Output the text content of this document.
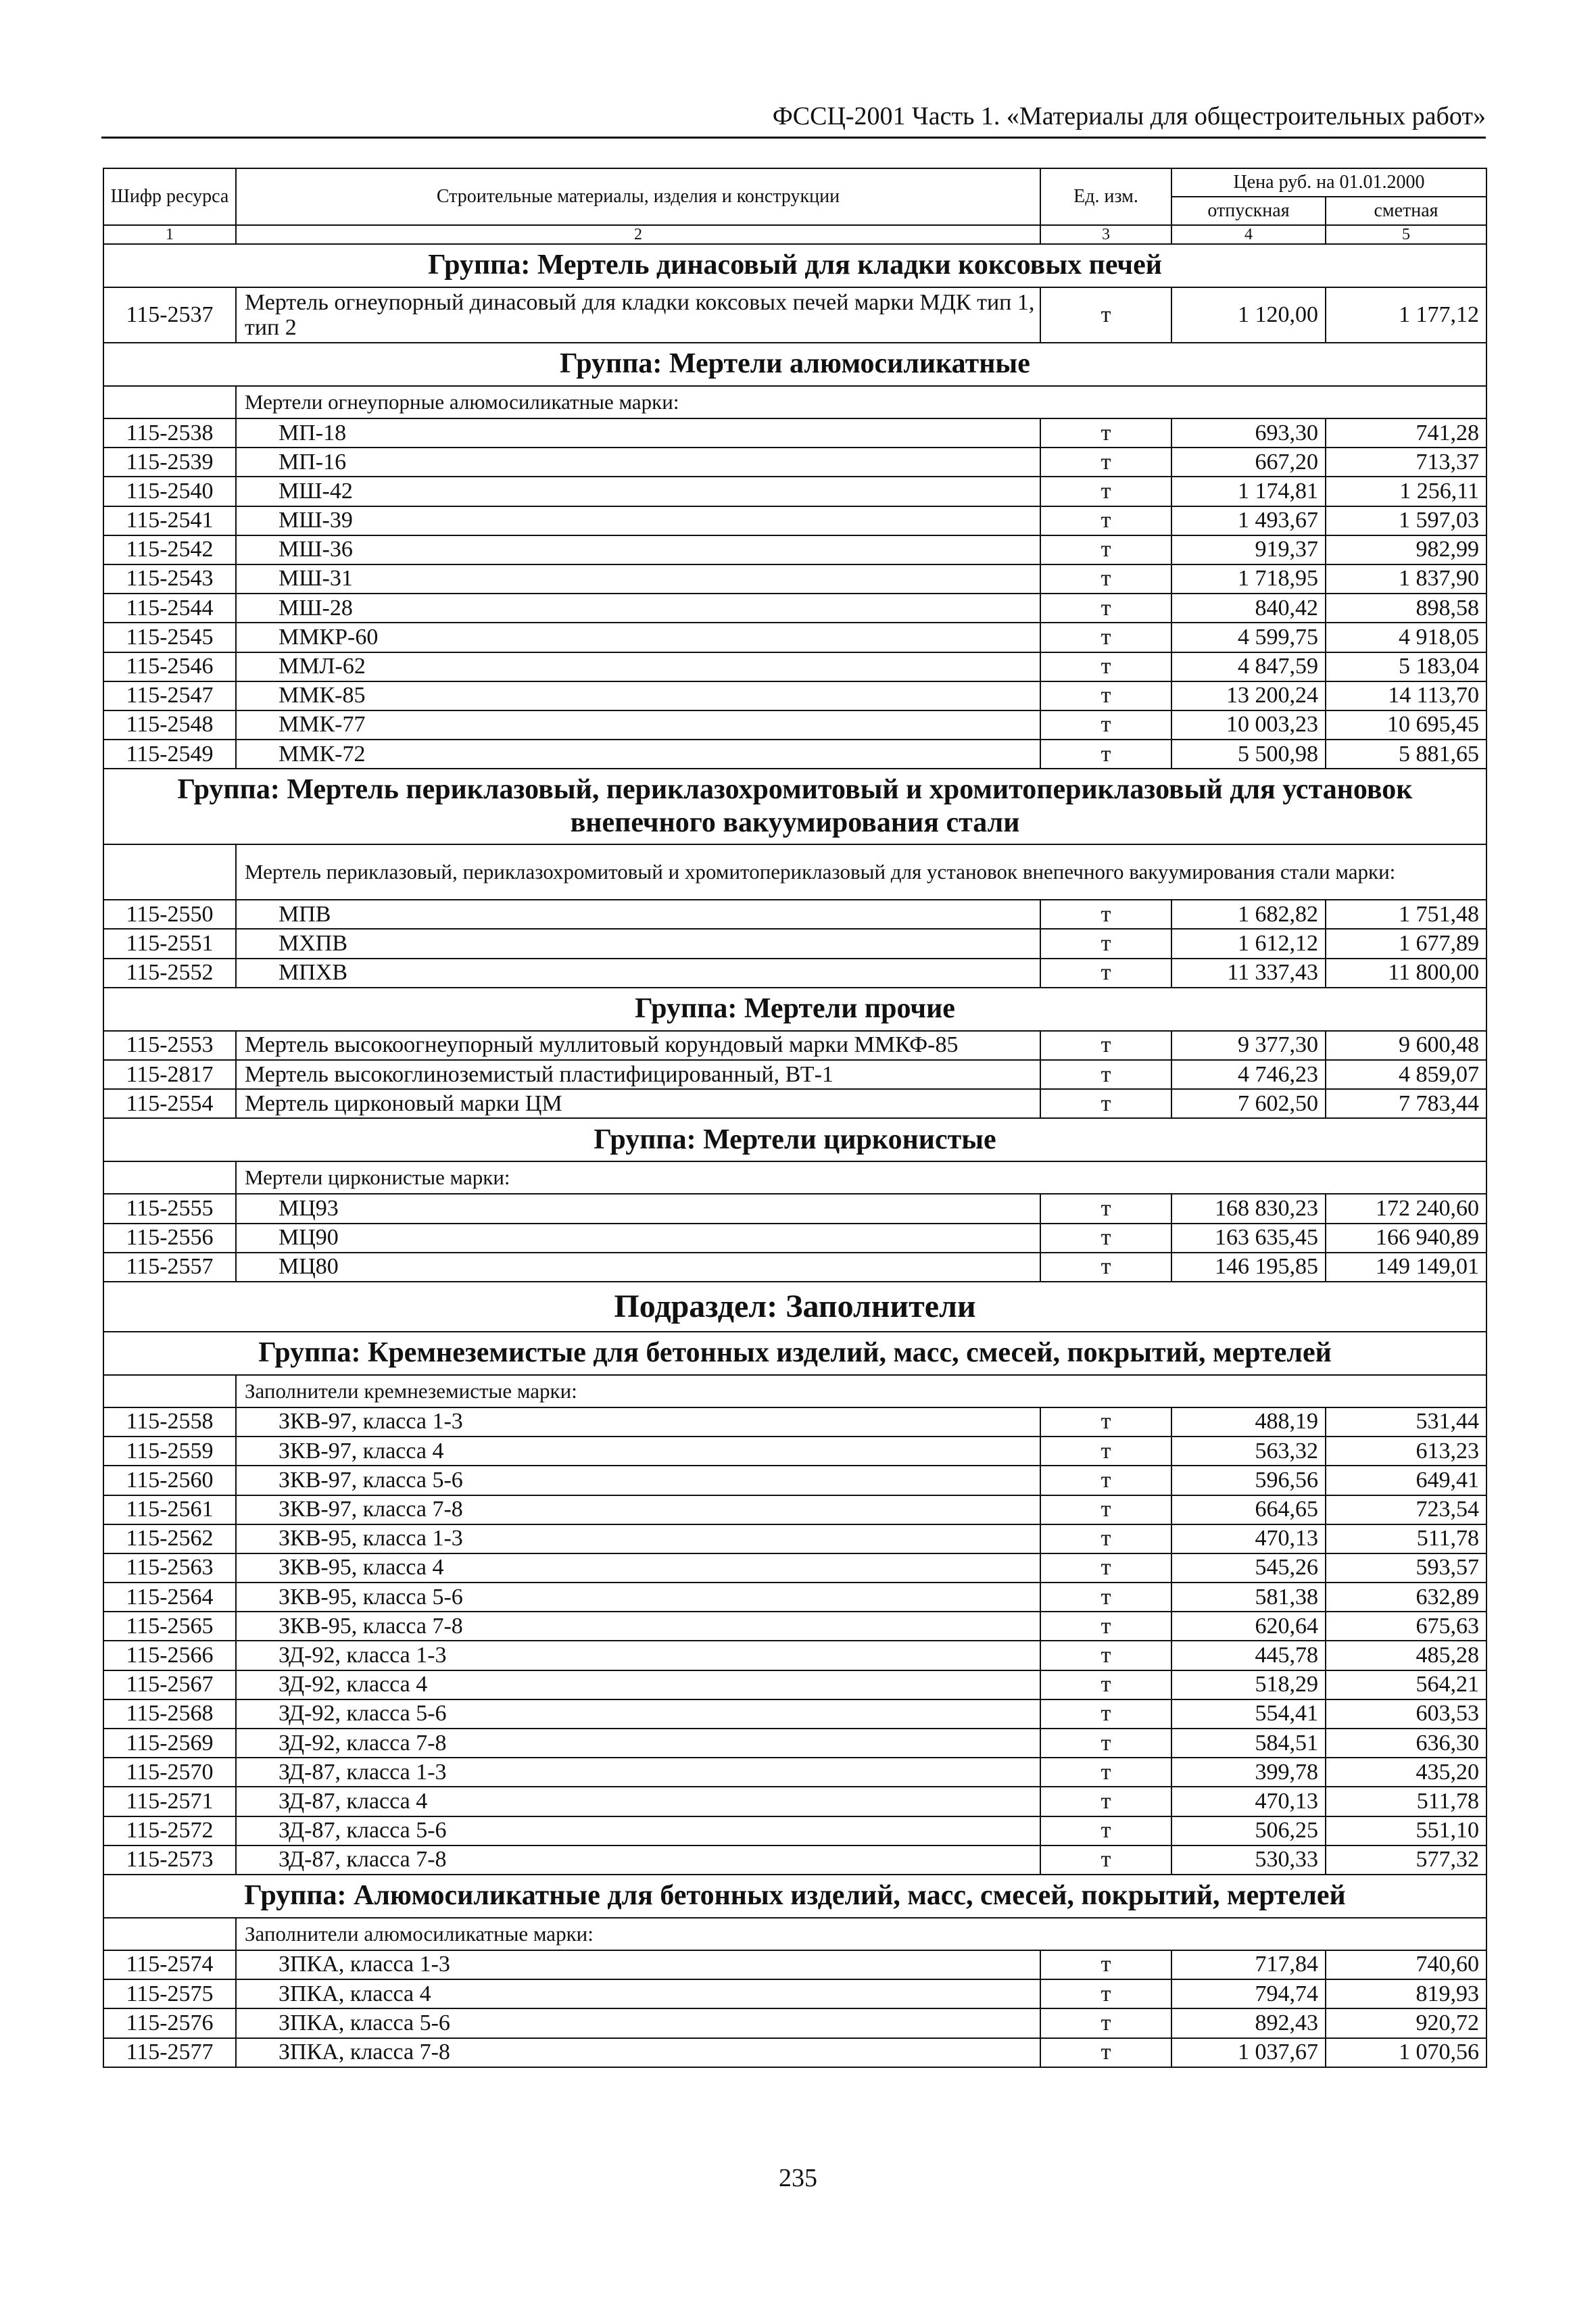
ФССЦ-2001 Часть 1. «Материалы для общестроительных работ»
Шифр ресурса	Строительные материалы, изделия и конструкции	Ед. изм.	Цена руб. на 01.01.2000	
			отпускная	сметная
1	2	3	4	5
Группа: Мертель динасовый для кладки коксовых печей				
115-2537	Мертель огнеупорный динасовый для кладки коксовых печей марки МДК тип 1, тип 2	т	1 120,00	1 177,12
Группа: Мертели алюмосиликатные				
	Мертели огнеупорные алюмосиликатные марки:			
115-2538	МП-18	т	693,30	741,28
115-2539	МП-16	т	667,20	713,37
115-2540	МШ-42	т	1 174,81	1 256,11
115-2541	МШ-39	т	1 493,67	1 597,03
115-2542	МШ-36	т	919,37	982,99
115-2543	МШ-31	т	1 718,95	1 837,90
115-2544	МШ-28	т	840,42	898,58
115-2545	ММКР-60	т	4 599,75	4 918,05
115-2546	ММЛ-62	т	4 847,59	5 183,04
115-2547	ММК-85	т	13 200,24	14 113,70
115-2548	ММК-77	т	10 003,23	10 695,45
115-2549	ММК-72	т	5 500,98	5 881,65
Группа: Мертель периклазовый, периклазохромитовый и хромитопериклазовый для установок внепечного вакуумирования стали				
	Мертель периклазовый, периклазохромитовый и хромитопериклазовый для установок внепечного вакуумирования стали марки:			
115-2550	МПВ	т	1 682,82	1 751,48
115-2551	МХПВ	т	1 612,12	1 677,89
115-2552	МПХВ	т	11 337,43	11 800,00
Группа: Мертели прочие				
115-2553	Мертель высокоогнеупорный муллитовый корундовый марки ММКФ-85	т	9 377,30	9 600,48
115-2817	Мертель высокоглиноземистый пластифицированный, ВТ-1	т	4 746,23	4 859,07
115-2554	Мертель цирконовый марки ЦМ	т	7 602,50	7 783,44
Группа: Мертели цирконистые				
	Мертели цирконистые марки:			
115-2555	МЦ93	т	168 830,23	172 240,60
115-2556	МЦ90	т	163 635,45	166 940,89
115-2557	МЦ80	т	146 195,85	149 149,01
Подраздел: Заполнители				
Группа: Кремнеземистые для бетонных изделий, масс, смесей, покрытий, мертелей				
	Заполнители кремнеземистые марки:			
115-2558	ЗКВ-97, класса 1-3	т	488,19	531,44
115-2559	ЗКВ-97, класса 4	т	563,32	613,23
115-2560	ЗКВ-97, класса 5-6	т	596,56	649,41
115-2561	ЗКВ-97, класса 7-8	т	664,65	723,54
115-2562	ЗКВ-95, класса 1-3	т	470,13	511,78
115-2563	ЗКВ-95, класса 4	т	545,26	593,57
115-2564	ЗКВ-95, класса 5-6	т	581,38	632,89
115-2565	ЗКВ-95, класса 7-8	т	620,64	675,63
115-2566	ЗД-92, класса 1-3	т	445,78	485,28
115-2567	ЗД-92, класса 4	т	518,29	564,21
115-2568	ЗД-92, класса 5-6	т	554,41	603,53
115-2569	ЗД-92, класса 7-8	т	584,51	636,30
115-2570	ЗД-87, класса 1-3	т	399,78	435,20
115-2571	ЗД-87, класса 4	т	470,13	511,78
115-2572	ЗД-87, класса 5-6	т	506,25	551,10
115-2573	ЗД-87, класса 7-8	т	530,33	577,32
Группа: Алюмосиликатные для бетонных изделий, масс, смесей, покрытий, мертелей				
	Заполнители алюмосиликатные марки:			
115-2574	ЗПКА, класса 1-3	т	717,84	740,60
115-2575	ЗПКА, класса 4	т	794,74	819,93
115-2576	ЗПКА, класса 5-6	т	892,43	920,72
115-2577	ЗПКА, класса 7-8	т	1 037,67	1 070,56
235
